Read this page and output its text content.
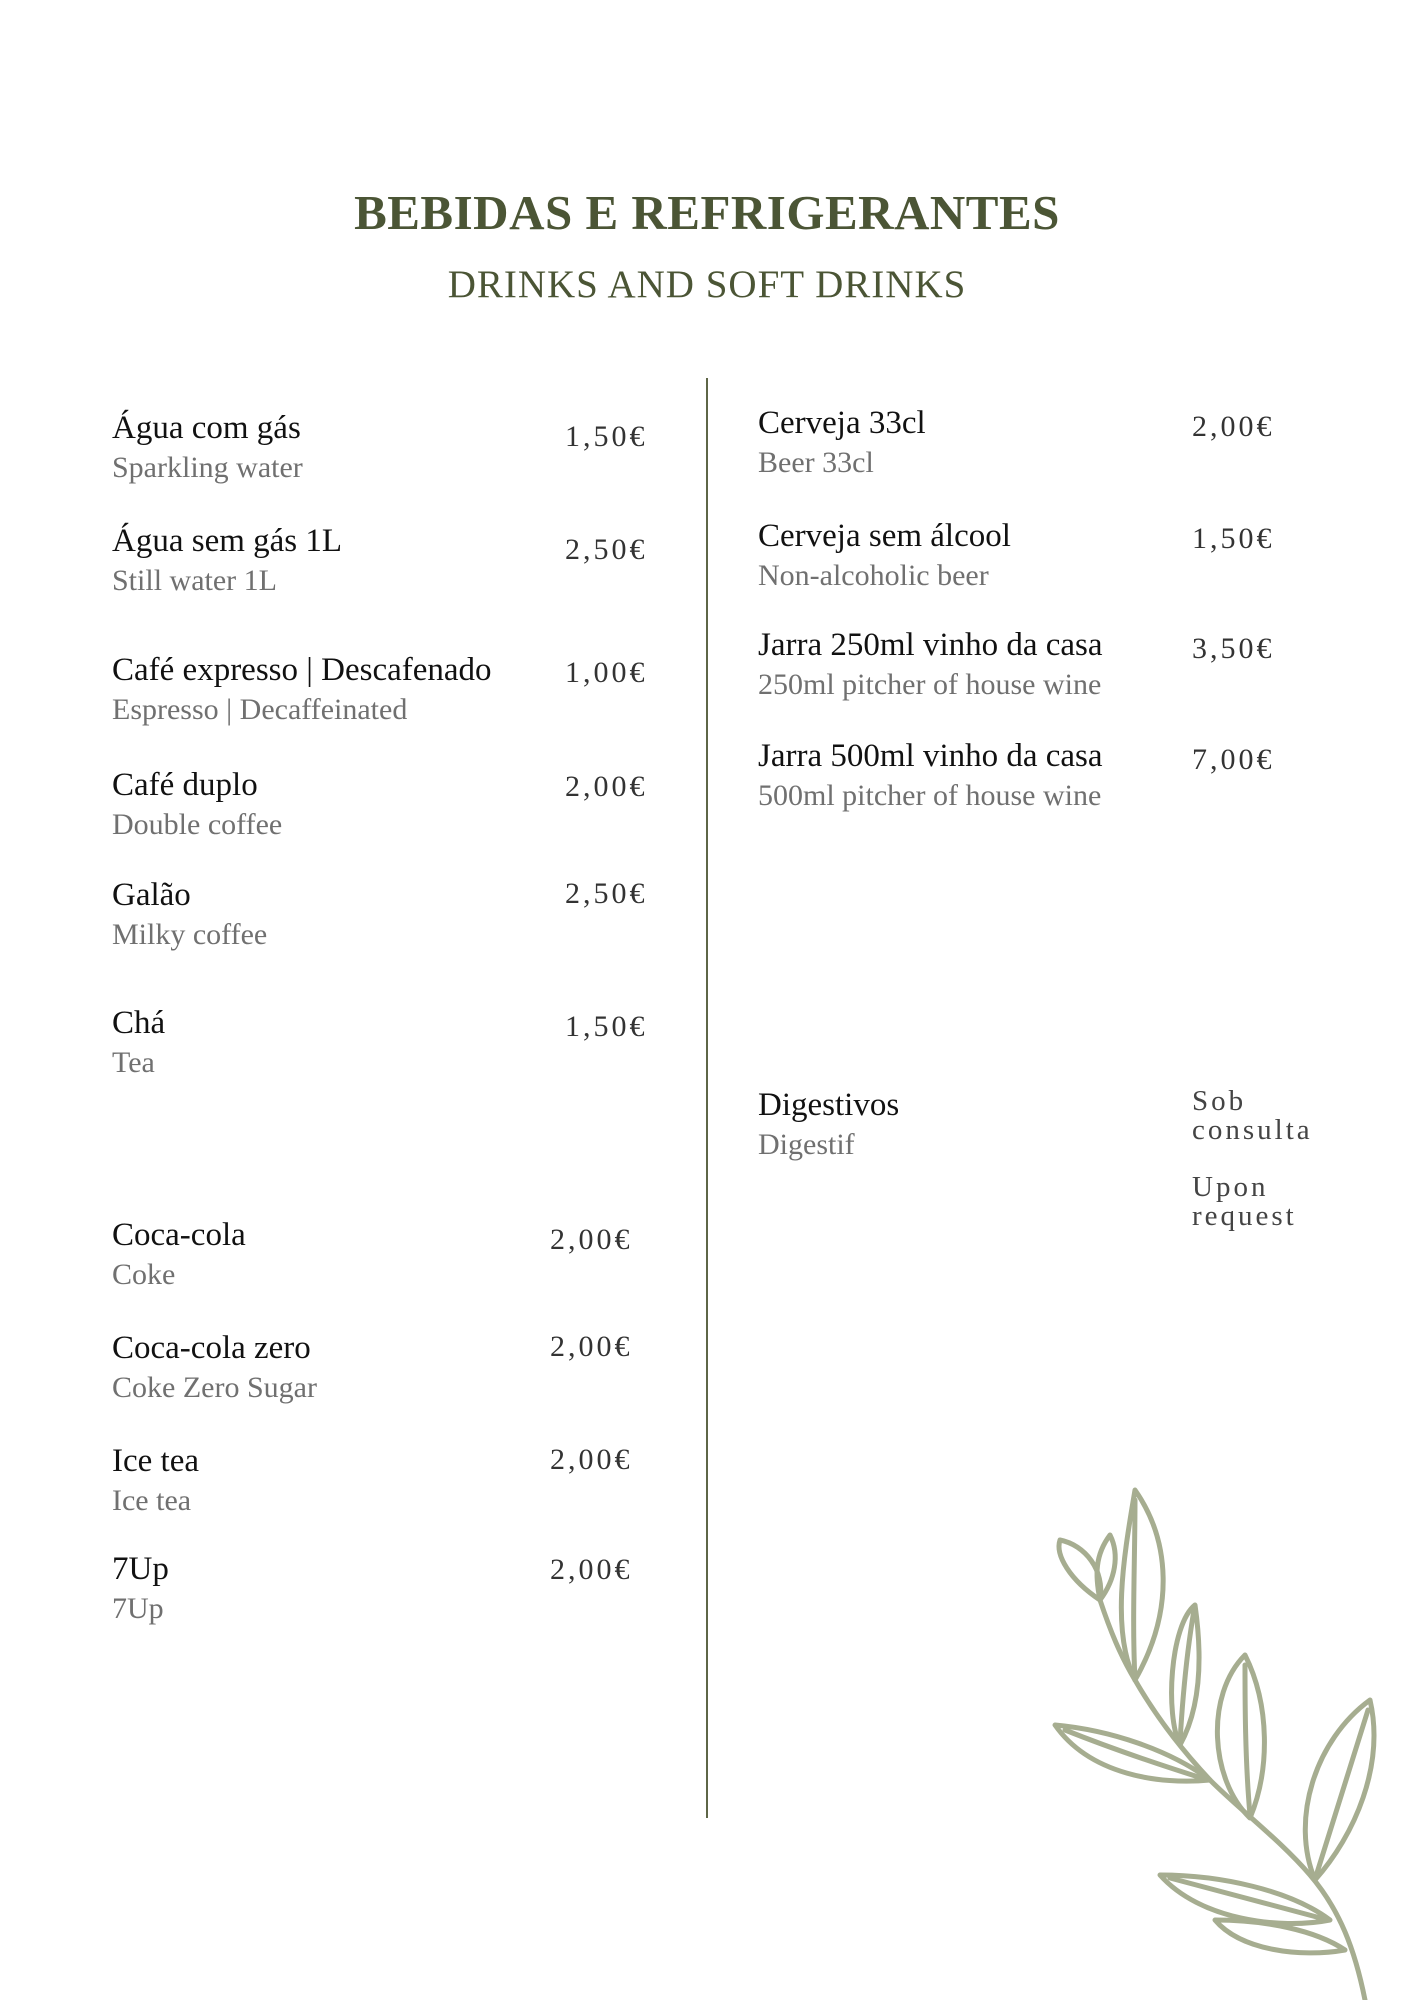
BEBIDAS E REFRIGERANTES
DRINKS AND SOFT DRINKS
Água com gás
Sparkling water
1,50€
Água sem gás 1L
Still water 1L
2,50€
Café expresso | Descafenado
Espresso | Decaffeinated
1,00€
Café duplo
Double coffee
2,00€
Galão
Milky coffee
2,50€
Chá
Tea
1,50€
Coca-cola
Coke
2,00€
Coca-cola zero
Coke Zero Sugar
2,00€
Ice tea
Ice tea
2,00€
7Up
7Up
2,00€
Cerveja 33cl
Beer 33cl
2,00€
Cerveja sem álcool
Non-alcoholic beer
1,50€
Jarra 250ml vinho da casa
250ml pitcher of house wine
3,50€
Jarra 500ml vinho da casa
500ml pitcher of house wine
7,00€
Digestivos
Digestif
Sob consulta
Upon request
